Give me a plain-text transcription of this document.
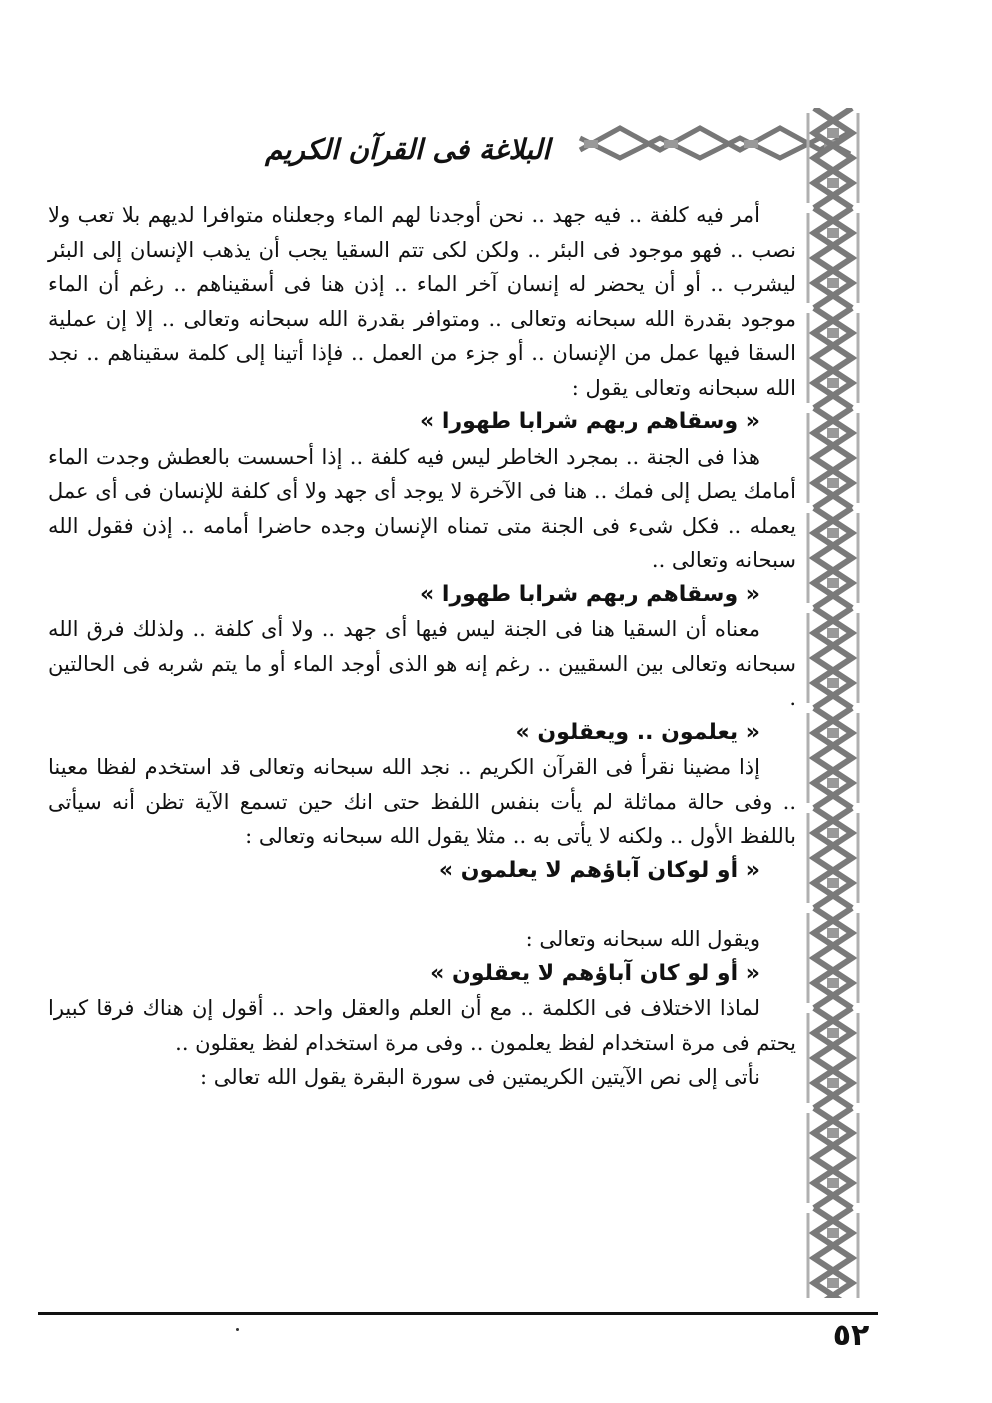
البلاغة فى القرآن الكريم

أمر فيه كلفة .. فيه جهد .. نحن أوجدنا لهم الماء وجعلناه متوافرا لديهم بلا تعب ولا نصب .. فهو موجود فى البئر .. ولكن لكى تتم السقيا يجب أن يذهب الإنسان إلى البئر ليشرب .. أو أن يحضر له إنسان آخر الماء .. إذن هنا فى أسقيناهم .. رغم أن الماء موجود بقدرة الله سبحانه وتعالى .. ومتوافر بقدرة الله سبحانه وتعالى .. إلا إن عملية السقا فيها عمل من الإنسان .. أو جزء من العمل .. فإذا أتينا إلى كلمة سقيناهم .. نجد الله سبحانه وتعالى يقول :

« وسقاهم ربهم شرابا طهورا »

هذا فى الجنة .. بمجرد الخاطر ليس فيه كلفة .. إذا أحسست بالعطش وجدت الماء أمامك يصل إلى فمك .. هنا فى الآخرة لا يوجد أى جهد ولا أى كلفة للإنسان فى أى عمل يعمله .. فكل شىء فى الجنة متى تمناه الإنسان وجده حاضرا أمامه .. إذن فقول الله سبحانه وتعالى ..

« وسقاهم ربهم شرابا طهورا »

معناه أن السقيا هنا فى الجنة ليس فيها أى جهد .. ولا أى كلفة .. ولذلك فرق الله سبحانه وتعالى بين السقيين .. رغم إنه هو الذى أوجد الماء أو ما يتم شربه فى الحالتين .

« يعلمون .. ويعقلون »

إذا مضينا نقرأ فى القرآن الكريم .. نجد الله سبحانه وتعالى قد استخدم لفظا معينا .. وفى حالة مماثلة لم يأت بنفس اللفظ حتى انك حين تسمع الآية تظن أنه سيأتى باللفظ الأول .. ولكنه لا يأتى به .. مثلا يقول الله سبحانه وتعالى :

« أو لوكان آباؤهم لا يعلمون »

ويقول الله سبحانه وتعالى :

« أو لو كان آباؤهم لا يعقلون »

لماذا الاختلاف فى الكلمة .. مع أن العلم والعقل واحد .. أقول إن هناك فرقا كبيرا يحتم فى مرة استخدام لفظ يعلمون .. وفى مرة استخدام لفظ يعقلون ..

نأتى إلى نص الآيتين الكريمتين فى سورة البقرة يقول الله تعالى :

٥٢
